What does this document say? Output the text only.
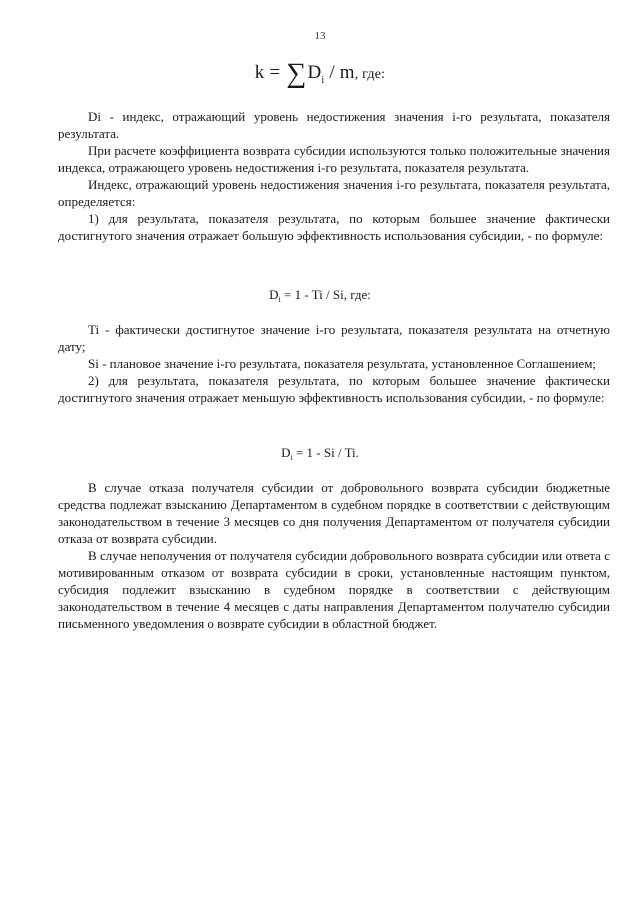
13
$k = \sum D_i / m$, где:

Di - индекс, отражающий уровень недостижения значения i-го результата, показателя результата.

При расчете коэффициента возврата субсидии используются только положительные значения индекса, отражающего уровень недостижения i-го результата, показателя результата.

Индекс, отражающий уровень недостижения значения i-го результата, показателя результата, определяется:

1) для результата, показателя результата, по которым большее значение фактически достигнутого значения отражает большую эффективность использования субсидии, - по формуле:

$D_i = 1 - Ti / Si$, где:

Ti - фактически достигнутое значение i-го результата, показателя результата на отчетную дату;

Si - плановое значение i-го результата, показателя результата, установленное Соглашением;

2) для результата, показателя результата, по которым большее значение фактически достигнутого значения отражает меньшую эффективность использования субсидии, - по формуле:

$D_i = 1 - Si / Ti$.

В случае отказа получателя субсидии от добровольного возврата субсидии бюджетные средства подлежат взысканию Департаментом в судебном порядке в соответствии с действующим законодательством в течение 3 месяцев со дня получения Департаментом от получателя субсидии отказа от возврата субсидии.

В случае неполучения от получателя субсидии добровольного возврата субсидии или ответа с мотивированным отказом от возврата субсидии в сроки, установленные настоящим пунктом, субсидия подлежит взысканию в судебном порядке в соответствии с действующим законодательством в течение 4 месяцев с даты направления Департаментом получателю субсидии письменного уведомления о возврате субсидии в областной бюджет.
